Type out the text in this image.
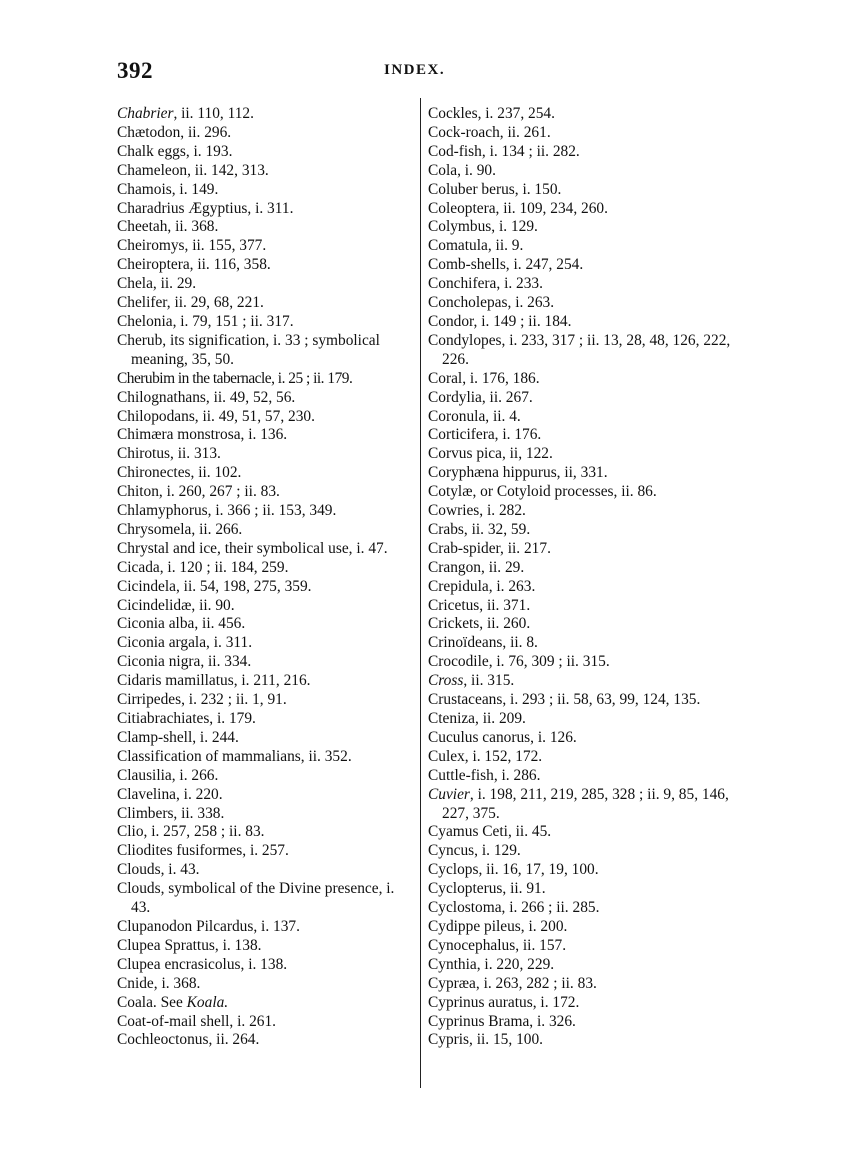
392	INDEX.
Chabrier, ii. 110, 112.
Chætodon, ii. 296.
Chalk eggs, i. 193.
Chameleon, ii. 142, 313.
Chamois, i. 149.
Charadrius Ægyptius, i. 311.
Cheetah, ii. 368.
Cheiromys, ii. 155, 377.
Cheiroptera, ii. 116, 358.
Chela, ii. 29.
Chelifer, ii. 29, 68, 221.
Chelonia, i. 79, 151 ; ii. 317.
Cherub, its signification, i. 33 ; symbolical meaning, 35, 50.
Cherubim in the tabernacle, i. 25 ; ii. 179.
Chilognathans, ii. 49, 52, 56.
Chilopodans, ii. 49, 51, 57, 230.
Chimæra monstrosa, i. 136.
Chirotus, ii. 313.
Chironectes, ii. 102.
Chiton, i. 260, 267 ; ii. 83.
Chlamyphorus, i. 366 ; ii. 153, 349.
Chrysomela, ii. 266.
Chrystal and ice, their symbolical use, i. 47.
Cicada, i. 120 ; ii. 184, 259.
Cicindela, ii. 54, 198, 275, 359.
Cicindelidæ, ii. 90.
Ciconia alba, ii. 456.
Ciconia argala, i. 311.
Ciconia nigra, ii. 334.
Cidaris mamillatus, i. 211, 216.
Cirripedes, i. 232 ; ii. 1, 91.
Citiabrachiates, i. 179.
Clamp-shell, i. 244.
Classification of mammalians, ii. 352.
Clausilia, i. 266.
Clavelina, i. 220.
Climbers, ii. 338.
Clio, i. 257, 258 ; ii. 83.
Cliodites fusiformes, i. 257.
Clouds, i. 43.
Clouds, symbolical of the Divine presence, i. 43.
Clupanodon Pilcardus, i. 137.
Clupea Sprattus, i. 138.
Clupea encrasicolus, i. 138.
Cnide, i. 368.
Coala. See Koala.
Coat-of-mail shell, i. 261.
Cochleoctonus, ii. 264.
Cockles, i. 237, 254.
Cock-roach, ii. 261.
Cod-fish, i. 134 ; ii. 282.
Cola, i. 90.
Coluber berus, i. 150.
Coleoptera, ii. 109, 234, 260.
Colymbus, i. 129.
Comatula, ii. 9.
Comb-shells, i. 247, 254.
Conchifera, i. 233.
Concholepas, i. 263.
Condor, i. 149 ; ii. 184.
Condylopes, i. 233, 317 ; ii. 13, 28, 48, 126, 222, 226.
Coral, i. 176, 186.
Cordylia, ii. 267.
Coronula, ii. 4.
Corticifera, i. 176.
Corvus pica, ii, 122.
Coryphæna hippurus, ii, 331.
Cotylæ, or Cotyloid processes, ii. 86.
Cowries, i. 282.
Crabs, ii. 32, 59.
Crab-spider, ii. 217.
Crangon, ii. 29.
Crepidula, i. 263.
Cricetus, ii. 371.
Crickets, ii. 260.
Crinoïdeans, ii. 8.
Crocodile, i. 76, 309 ; ii. 315.
Cross, ii. 315.
Crustaceans, i. 293 ; ii. 58, 63, 99, 124, 135.
Cteniza, ii. 209.
Cuculus canorus, i. 126.
Culex, i. 152, 172.
Cuttle-fish, i. 286.
Cuvier, i. 198, 211, 219, 285, 328 ; ii. 9, 85, 146, 227, 375.
Cyamus Ceti, ii. 45.
Cyncus, i. 129.
Cyclops, ii. 16, 17, 19, 100.
Cyclopterus, ii. 91.
Cyclostoma, i. 266 ; ii. 285.
Cydippe pileus, i. 200.
Cynocephalus, ii. 157.
Cynthia, i. 220, 229.
Cypræa, i. 263, 282 ; ii. 83.
Cyprinus auratus, i. 172.
Cyprinus Brama, i. 326.
Cypris, ii. 15, 100.
